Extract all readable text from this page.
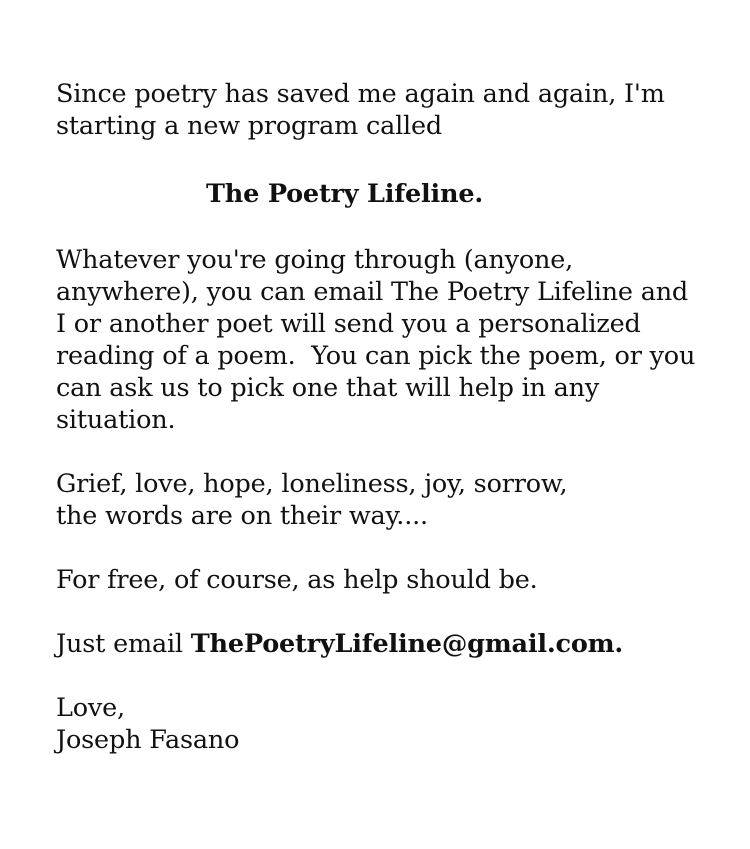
Since poetry has saved me again and again, I'm
starting a new program called

The Poetry Lifeline.

Whatever you're going through (anyone,
anywhere), you can email The Poetry Lifeline and
I or another poet will send you a personalized
reading of a poem.  You can pick the poem, or you
can ask us to pick one that will help in any
situation.

Grief, love, hope, loneliness, joy, sorrow,
the words are on their way....

For free, of course, as help should be.

Just email ThePoetryLifeline@gmail.com.

Love,
Joseph Fasano
